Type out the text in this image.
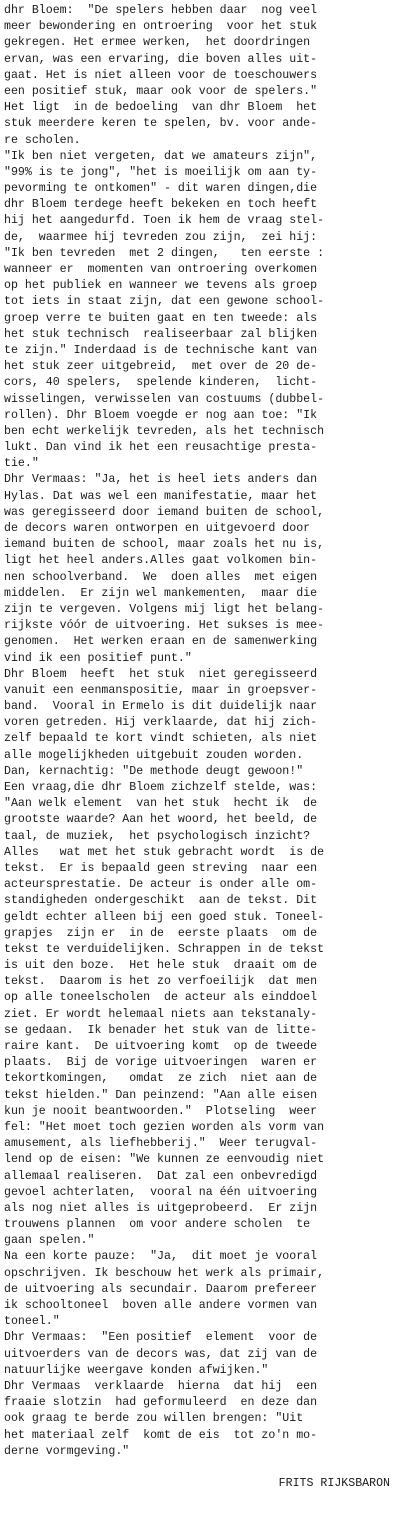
dhr Bloem:  "De spelers hebben daar  nog veel
meer bewondering en ontroering  voor het stuk
gekregen. Het ermee werken,  het doordringen
ervan, was een ervaring, die boven alles uit-
gaat. Het is niet alleen voor de toeschouwers
een positief stuk, maar ook voor de spelers."
Het ligt  in de bedoeling  van dhr Bloem  het
stuk meerdere keren te spelen, bv. voor ande-
re scholen.
"Ik ben niet vergeten, dat we amateurs zijn",
"99% is te jong", "het is moeilijk om aan ty-
pevorming te ontkomen" - dit waren dingen,die
dhr Bloem terdege heeft bekeken en toch heeft
hij het aangedurfd. Toen ik hem de vraag stel-
de,  waarmee hij tevreden zou zijn,  zei hij:
"Ik ben tevreden  met 2 dingen,   ten eerste :
wanneer er  momenten van ontroering overkomen
op het publiek en wanneer we tevens als groep
tot iets in staat zijn, dat een gewone school-
groep verre te buiten gaat en ten tweede: als
het stuk technisch  realiseerbaar zal blijken
te zijn." Inderdaad is de technische kant van
het stuk zeer uitgebreid,  met over de 20 de-
cors, 40 spelers,  spelende kinderen,  licht-
wisselingen, verwisselen van costuums (dubbel-
rollen). Dhr Bloem voegde er nog aan toe: "Ik
ben echt werkelijk tevreden, als het technisch
lukt. Dan vind ik het een reusachtige presta-
tie."
Dhr Vermaas: "Ja, het is heel iets anders dan
Hylas. Dat was wel een manifestatie, maar het
was geregisseerd door iemand buiten de school,
de decors waren ontworpen en uitgevoerd door
iemand buiten de school, maar zoals het nu is,
ligt het heel anders.Alles gaat volkomen bin-
nen schoolverband.  We  doen alles  met eigen
middelen.  Er zijn wel mankementen,  maar die
zijn te vergeven. Volgens mij ligt het belang-
rijkste vóór de uitvoering. Het sukses is mee-
genomen.  Het werken eraan en de samenwerking
vind ik een positief punt."
Dhr Bloem  heeft  het stuk  niet geregisseerd
vanuit een eenmanspositie, maar in groepsver-
band.  Vooral in Ermelo is dit duidelijk naar
voren getreden. Hij verklaarde, dat hij zich-
zelf bepaald te kort vindt schieten, als niet
alle mogelijkheden uitgebuit zouden worden.
Dan, kernachtig: "De methode deugt gewoon!"
Een vraag,die dhr Bloem zichzelf stelde, was:
"Aan welk element  van het stuk  hecht ik  de
grootste waarde? Aan het woord, het beeld, de
taal, de muziek,  het psychologisch inzicht?
Alles   wat met het stuk gebracht wordt  is de
tekst.  Er is bepaald geen streving  naar een
acteursprestatie. De acteur is onder alle om-
standigheden ondergeschikt  aan de tekst. Dit
geldt echter alleen bij een goed stuk. Toneel-
grapjes  zijn er  in de  eerste plaats  om de
tekst te verduidelijken. Schrappen in de tekst
is uit den boze.  Het hele stuk  draait om de
tekst.  Daarom is het zo verfoeilijk  dat men
op alle toneelscholen  de acteur als einddoel
ziet. Er wordt helemaal niets aan tekstanaly-
se gedaan.  Ik benader het stuk van de litte-
raire kant.  De uitvoering komt  op de tweede
plaats.  Bij de vorige uitvoeringen  waren er
tekortkomingen,   omdat  ze zich  niet aan de
tekst hielden." Dan peinzend: "Aan alle eisen
kun je nooit beantwoorden."  Plotseling  weer
fel: "Het moet toch gezien worden als vorm van
amusement, als liefhebberij."  Weer terugval-
lend op de eisen: "We kunnen ze eenvoudig niet
allemaal realiseren.  Dat zal een onbevredigd
gevoel achterlaten,  vooral na één uitvoering
als nog niet alles is uitgeprobeerd.  Er zijn
trouwens plannen  om voor andere scholen  te
gaan spelen."
Na een korte pauze:  "Ja,  dit moet je vooral
opschrijven. Ik beschouw het werk als primair,
de uitvoering als secundair. Daarom prefereer
ik schooltoneel  boven alle andere vormen van
toneel."
Dhr Vermaas:  "Een positief  element  voor de
uitvoerders van de decors was, dat zij van de
natuurlijke weergave konden afwijken."
Dhr Vermaas  verklaarde  hierna  dat hij  een
fraaie slotzin  had geformuleerd  en deze dan
ook graag te berde zou willen brengen: "Uit
het materiaal zelf  komt de eis  tot zo'n mo-
derne vormgeving."
FRITS RIJKSBARON
